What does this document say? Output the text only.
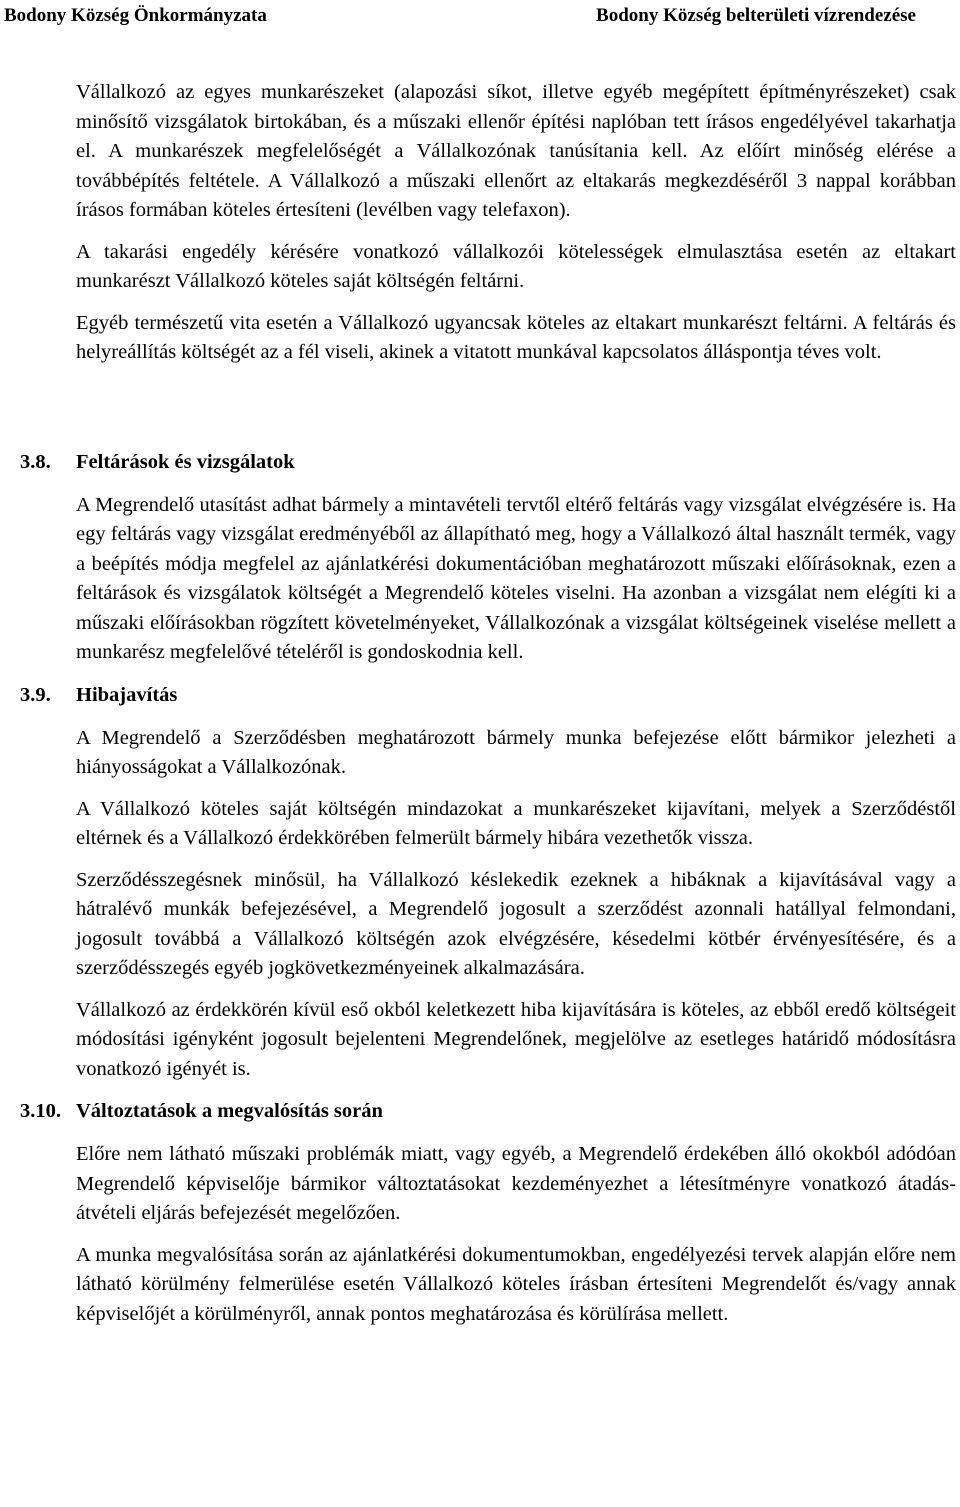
Bodony Község Önkormányzata	Bodony Község belterületi vízrendezése

Vállalkozó az egyes munkarészeket (alapozási síkot, illetve egyéb megépített építményrészeket) csak minősítő vizsgálatok birtokában, és a műszaki ellenőr építési naplóban tett írásos engedélyével takarhatja el. A munkarészek megfelelőségét a Vállalkozónak tanúsítania kell. Az előírt minőség elérése a továbbépítés feltétele. A Vállalkozó a műszaki ellenőrt az eltakarás megkezdéséről 3 nappal korábban írásos formában köteles értesíteni (levélben vagy telefaxon).

A takarási engedély kérésére vonatkozó vállalkozói kötelességek elmulasztása esetén az eltakart munkarészt Vállalkozó köteles saját költségén feltárni.

Egyéb természetű vita esetén a Vállalkozó ugyancsak köteles az eltakart munkarészt feltárni. A feltárás és helyreállítás költségét az a fél viseli, akinek a vitatott munkával kapcsolatos álláspontja téves volt.

3.8. Feltárások és vizsgálatok

A Megrendelő utasítást adhat bármely a mintavételi tervtől eltérő feltárás vagy vizsgálat elvégzésére is. Ha egy feltárás vagy vizsgálat eredményéből az állapítható meg, hogy a Vállalkozó által használt termék, vagy a beépítés módja megfelel az ajánlatkérési dokumentációban meghatározott műszaki előírásoknak, ezen a feltárások és vizsgálatok költségét a Megrendelő köteles viselni. Ha azonban a vizsgálat nem elégíti ki a műszaki előírásokban rögzített követelményeket, Vállalkozónak a vizsgálat költségeinek viselése mellett a munkarész megfelelővé tételéről is gondoskodnia kell.

3.9. Hibajavítás

A Megrendelő a Szerződésben meghatározott bármely munka befejezése előtt bármikor jelezheti a hiányosságokat a Vállalkozónak.

A Vállalkozó köteles saját költségén mindazokat a munkarészeket kijavítani, melyek a Szerződéstől eltérnek és a Vállalkozó érdekkörében felmerült bármely hibára vezethetők vissza.

Szerződésszegésnek minősül, ha Vállalkozó késlekedik ezeknek a hibáknak a kijavításával vagy a hátralévő munkák befejezésével, a Megrendelő jogosult a szerződést azonnali hatállyal felmondani, jogosult továbbá a Vállalkozó költségén azok elvégzésére, késedelmi kötbér érvényesítésére, és a szerződésszegés egyéb jogkövetkezményeinek alkalmazására.

Vállalkozó az érdekkörén kívül eső okból keletkezett hiba kijavítására is köteles, az ebből eredő költségeit módosítási igényként jogosult bejelenteni Megrendelőnek, megjelölve az esetleges határidő módosításra vonatkozó igényét is.

3.10. Változtatások a megvalósítás során

Előre nem látható műszaki problémák miatt, vagy egyéb, a Megrendelő érdekében álló okokból adódóan Megrendelő képviselője bármikor változtatásokat kezdeményezhet a létesítményre vonatkozó átadás-átvételi eljárás befejezését megelőzően.

A munka megvalósítása során az ajánlatkérési dokumentumokban, engedélyezési tervek alapján előre nem látható körülmény felmerülése esetén Vállalkozó köteles írásban értesíteni Megrendelőt és/vagy annak képviselőjét a körülményről, annak pontos meghatározása és körülírása mellett.
